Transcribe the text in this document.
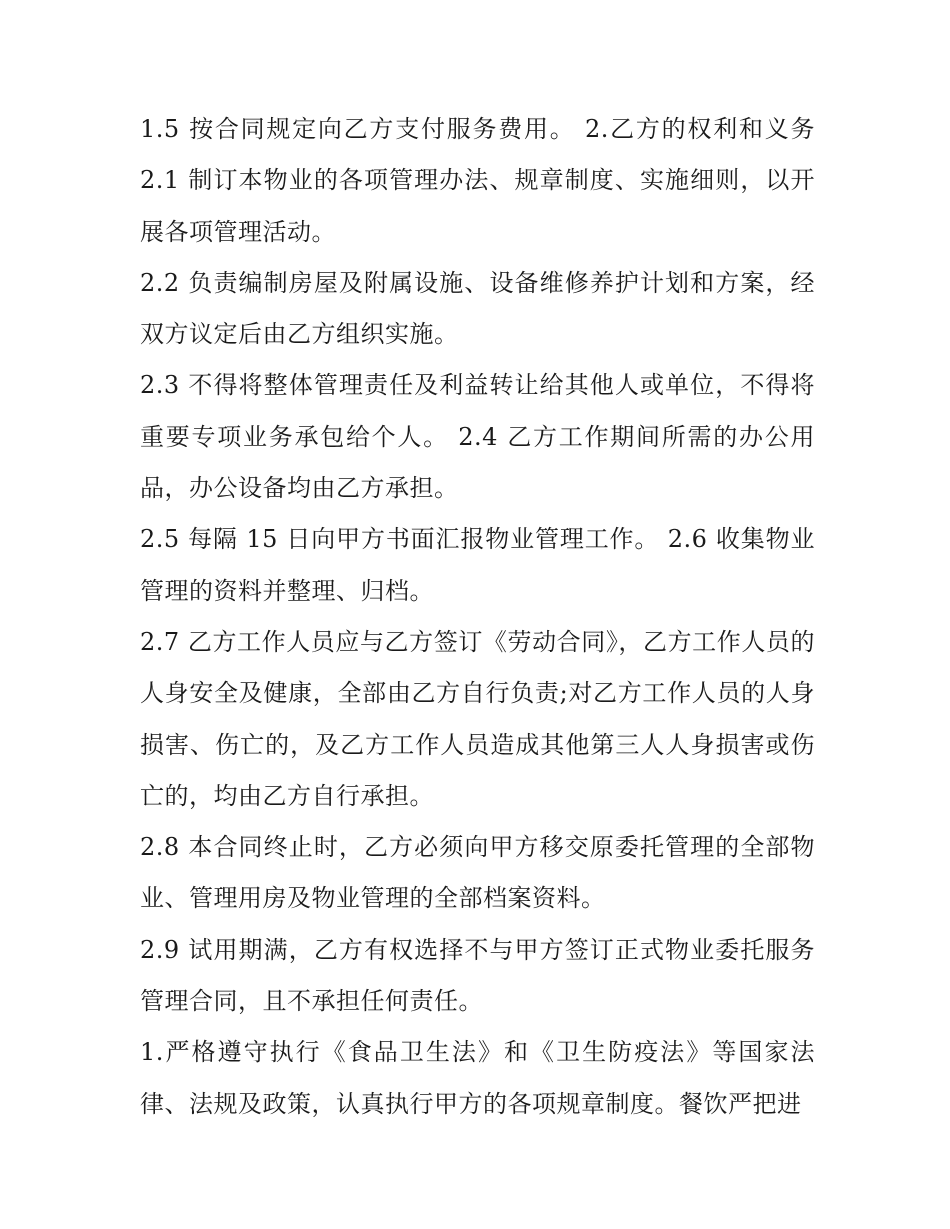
1.5 按合同规定向乙方支付服务费用。 2.乙方的权利和义务 2.1 制订本物业的各项管理办法、规章制度、实施细则，以开展各项管理活动。

2.2 负责编制房屋及附属设施、设备维修养护计划和方案，经双方议定后由乙方组织实施。

2.3 不得将整体管理责任及利益转让给其他人或单位，不得将重要专项业务承包给个人。 2.4 乙方工作期间所需的办公用品，办公设备均由乙方承担。

2.5 每隔 15 日向甲方书面汇报物业管理工作。 2.6 收集物业管理的资料并整理、归档。

2.7 乙方工作人员应与乙方签订《劳动合同》，乙方工作人员的人身安全及健康，全部由乙方自行负责;对乙方工作人员的人身损害、伤亡的，及乙方工作人员造成其他第三人人身损害或伤亡的，均由乙方自行承担。

2.8 本合同终止时，乙方必须向甲方移交原委托管理的全部物业、管理用房及物业管理的全部档案资料。

2.9 试用期满，乙方有权选择不与甲方签订正式物业委托服务管理合同，且不承担任何责任。

1.严格遵守执行《食品卫生法》和《卫生防疫法》等国家法律、法规及政策，认真执行甲方的各项规章制度。餐饮严把进
